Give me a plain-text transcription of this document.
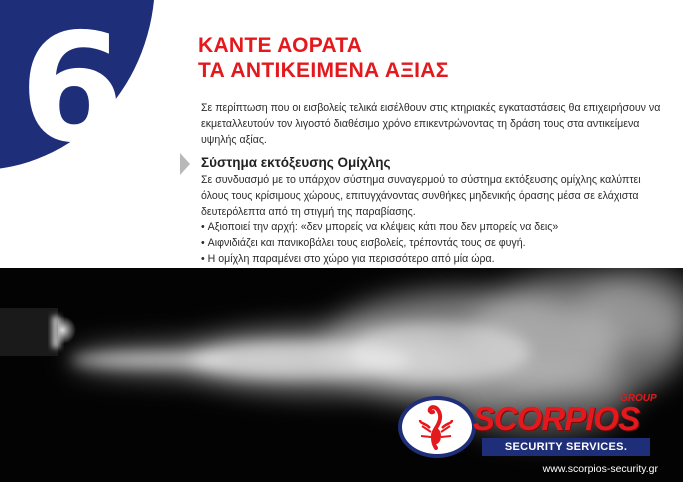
6	ΚΑΝΤΕ ΑΟΡΑΤΑ
ΤΑ ΑΝΤΙΚΕΙΜΕΝΑ ΑΞΙΑΣ

Σε περίπτωση που οι εισβολείς τελικά εισέλθουν στις κτηριακές εγκαταστάσεις θα επιχειρήσουν να εκμεταλλευτούν τον λιγοστό διαθέσιμο χρόνο επικεντρώνοντας τη δράση τους στα αντικείμενα υψηλής αξίας.

Σύστημα εκτόξευσης Ομίχλης

Σε συνδυασμό με το υπάρχον σύστημα συναγερμού το σύστημα εκτόξευσης ομίχλης καλύπτει όλους τους κρίσιμους χώρους, επιτυγχάνοντας συνθήκες μηδενικής όρασης μέσα σε ελάχιστα δευτερόλεπτα από τη στιγμή της παραβίασης.

• Αξιοποιεί την αρχή: «δεν μπορείς να κλέψεις κάτι που δεν μπορείς να δεις»
• Αιφνιδιάζει και πανικοβάλει τους εισβολείς, τρέποντάς τους σε φυγή.
• Η ομίχλη παραμένει στο χώρο για περισσότερο από μία ώρα.
GROUP
SCORPIOS
SECURITY SERVICES.
www.scorpios-security.gr
